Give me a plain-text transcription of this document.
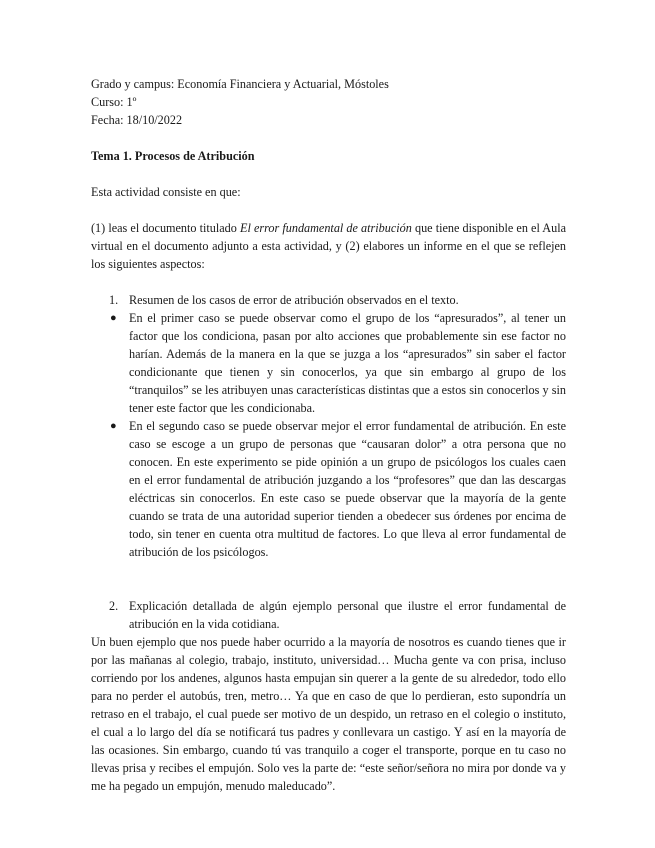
Grado y campus: Economía Financiera y Actuarial, Móstoles

Curso: 1º

Fecha: 18/10/2022

Tema 1. Procesos de Atribución

Esta actividad consiste en que:

(1) leas el documento titulado El error fundamental de atribución que tiene disponible en el Aula virtual en el documento adjunto a esta actividad, y (2) elabores un informe en el que se reflejen los siguientes aspectos:

1. Resumen de los casos de error de atribución observados en el texto.
● En el primer caso se puede observar como el grupo de los “apresurados”, al tener un factor que los condiciona, pasan por alto acciones que probablemente sin ese factor no harían. Además de la manera en la que se juzga a los “apresurados” sin saber el factor condicionante que tienen y sin conocerlos, ya que sin embargo al grupo de los “tranquilos” se les atribuyen unas características distintas que a estos sin conocerlos y sin tener este factor que les condicionaba.
● En el segundo caso se puede observar mejor el error fundamental de atribución. En este caso se escoge a un grupo de personas que “causaran dolor” a otra persona que no conocen. En este experimento se pide opinión a un grupo de psicólogos los cuales caen en el error fundamental de atribución juzgando a los “profesores” que dan las descargas eléctricas sin conocerlos. En este caso se puede observar que la mayoría de la gente cuando se trata de una autoridad superior tienden a obedecer sus órdenes por encima de todo, sin tener en cuenta otra multitud de factores. Lo que lleva al error fundamental de atribución de los psicólogos.
2. Explicación detallada de algún ejemplo personal que ilustre el error fundamental de atribución en la vida cotidiana.

Un buen ejemplo que nos puede haber ocurrido a la mayoría de nosotros es cuando tienes que ir por las mañanas al colegio, trabajo, instituto, universidad… Mucha gente va con prisa, incluso corriendo por los andenes, algunos hasta empujan sin querer a la gente de su alrededor, todo ello para no perder el autobús, tren, metro… Ya que en caso de que lo perdieran, esto supondría un retraso en el trabajo, el cual puede ser motivo de un despido, un retraso en el colegio o instituto, el cual a lo largo del día se notificará tus padres y conllevara un castigo. Y así en la mayoría de las ocasiones. Sin embargo, cuando tú vas tranquilo a coger el transporte, porque en tu caso no llevas prisa y recibes el empujón. Solo ves la parte de: “este señor/señora no mira por donde va y me ha pegado un empujón, menudo maleducado”.
